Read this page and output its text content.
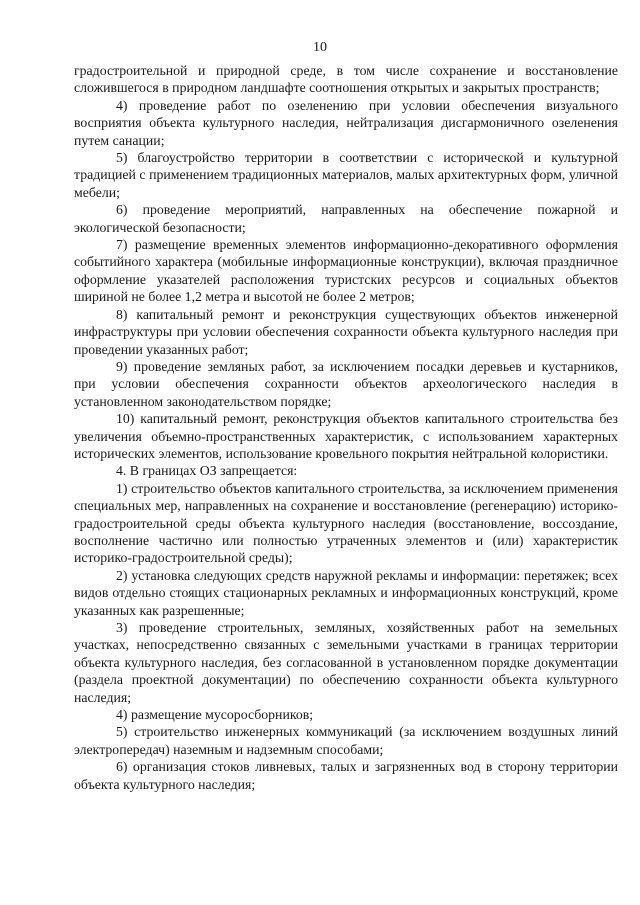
10

градостроительной и природной среде, в том числе сохранение и восстановление сложившегося в природном ландшафте соотношения открытых и закрытых пространств;

4) проведение работ по озеленению при условии обеспечения визуального восприятия объекта культурного наследия, нейтрализация дисгармоничного озеленения путем санации;

5) благоустройство территории в соответствии с исторической и культурной традицией с применением традиционных материалов, малых архитектурных форм, уличной мебели;

6) проведение мероприятий, направленных на обеспечение пожарной и экологической безопасности;

7) размещение временных элементов информационно-декоративного оформления событийного характера (мобильные информационные конструкции), включая праздничное оформление указателей расположения туристских ресурсов и социальных объектов шириной не более 1,2 метра и высотой не более 2 метров;

8) капитальный ремонт и реконструкция существующих объектов инженерной инфраструктуры при условии обеспечения сохранности объекта культурного наследия при проведении указанных работ;

9) проведение земляных работ, за исключением посадки деревьев и кустарников, при условии обеспечения сохранности объектов археологического наследия в установленном законодательством порядке;

10) капитальный ремонт, реконструкция объектов капитального строительства без увеличения объемно-пространственных характеристик, с использованием характерных исторических элементов, использование кровельного покрытия нейтральной колористики.

4. В границах ОЗ запрещается:

1) строительство объектов капитального строительства, за исключением применения специальных мер, направленных на сохранение и восстановление (регенерацию) историко-градостроительной среды объекта культурного наследия (восстановление, воссоздание, восполнение частично или полностью утраченных элементов и (или) характеристик историко-градостроительной среды);

2) установка следующих средств наружной рекламы и информации: перетяжек; всех видов отдельно стоящих стационарных рекламных и информационных конструкций, кроме указанных как разрешенные;

3) проведение строительных, земляных, хозяйственных работ на земельных участках, непосредственно связанных с земельными участками в границах территории объекта культурного наследия, без согласованной в установленном порядке документации (раздела проектной документации) по обеспечению сохранности объекта культурного наследия;

4) размещение мусоросборников;

5) строительство инженерных коммуникаций (за исключением воздушных линий электропередач) наземным и надземным способами;

6) организация стоков ливневых, талых и загрязненных вод в сторону территории объекта культурного наследия;
